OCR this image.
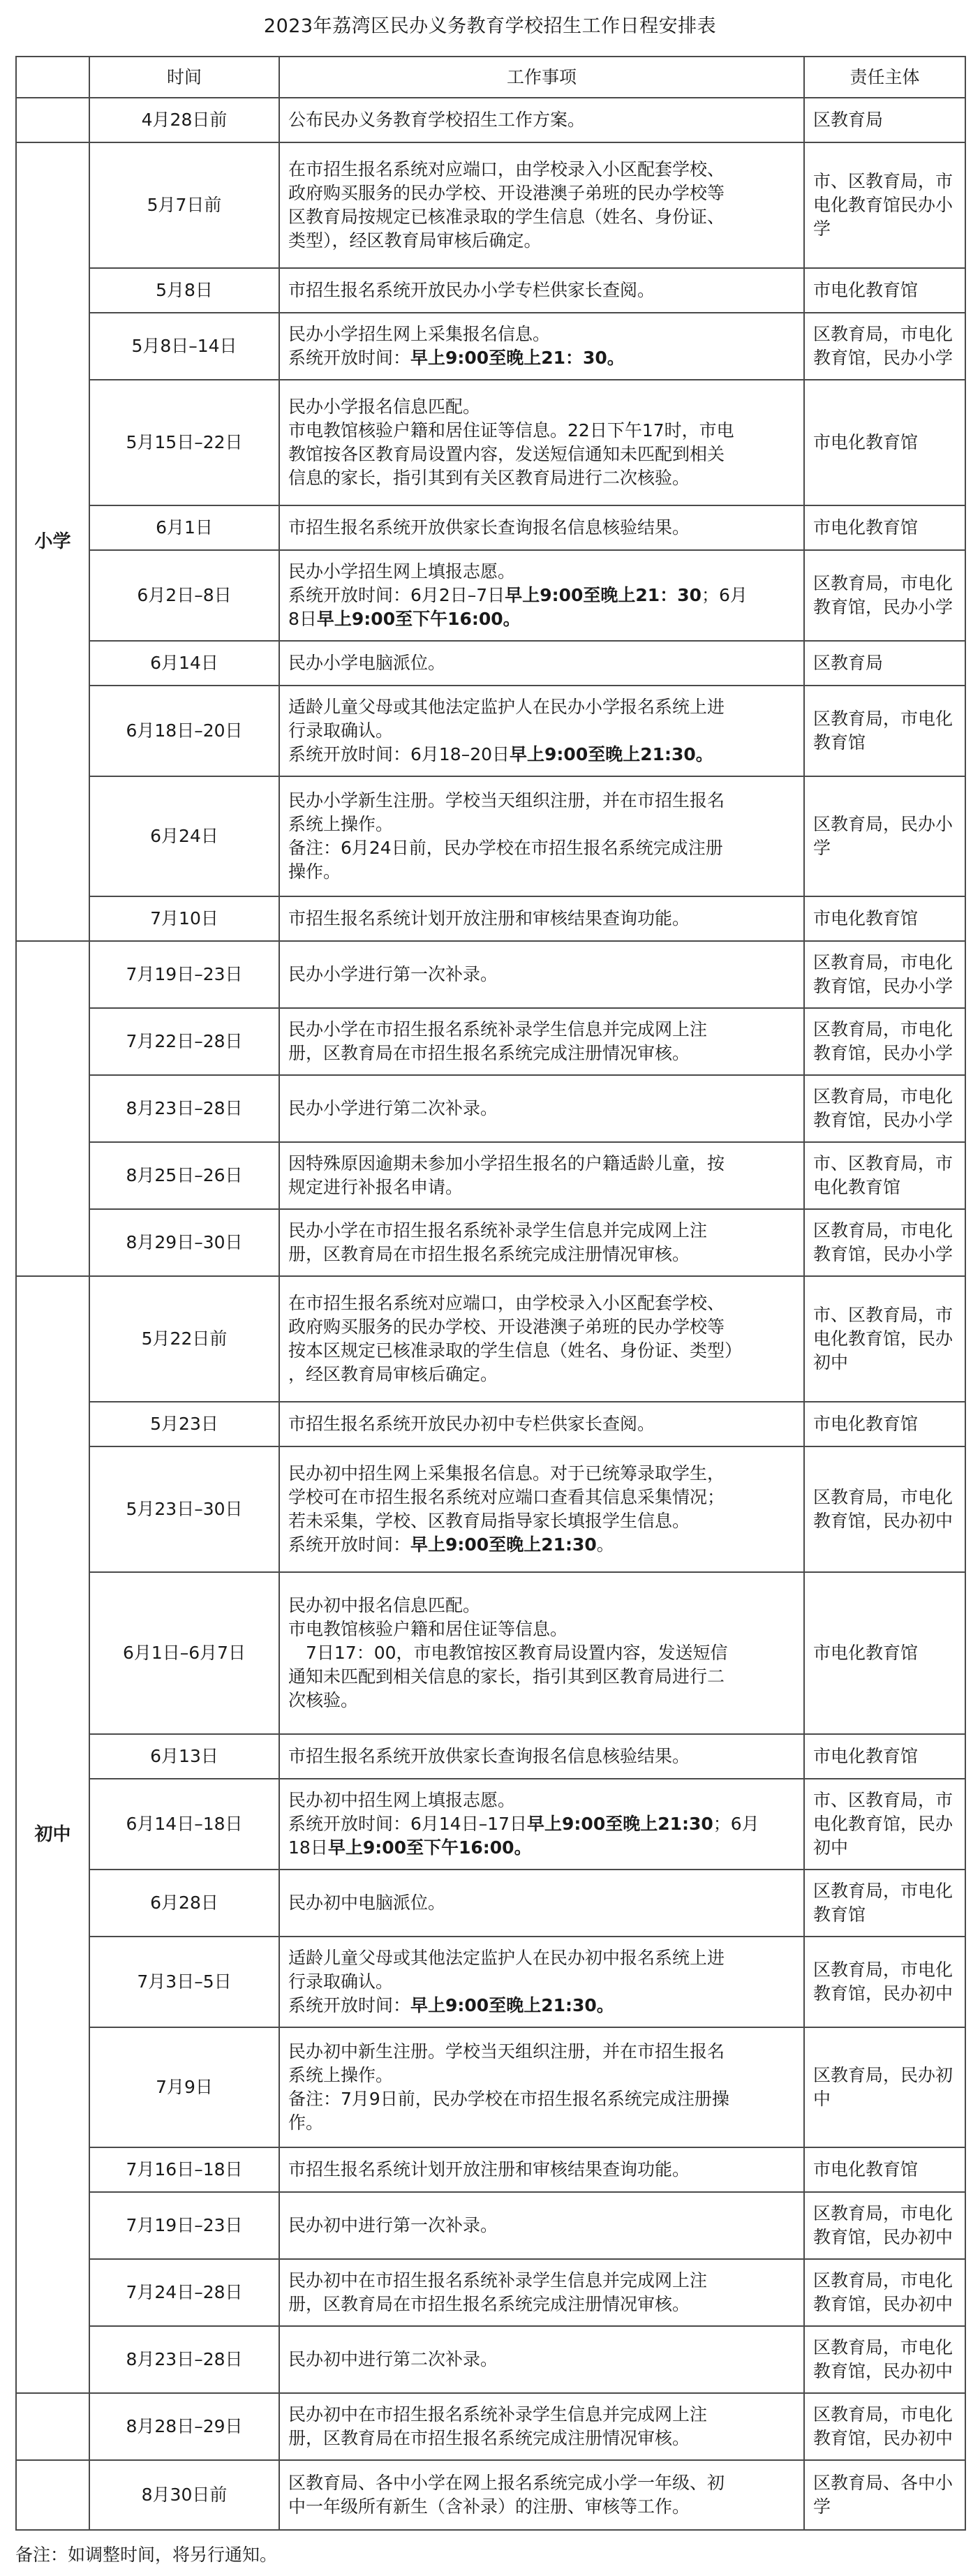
2023年荔湾区民办义务教育学校招生工作日程安排表
	时间	工作事项	责任主体
	4月28日前	公布民办义务教育学校招生工作方案。	区教育局

小学	5月7日前	在市招生报名系统对应端口，由学校录入小区配套学校、
政府购买服务的民办学校、开设港澳子弟班的民办学校等
区教育局按规定已核准录取的学生信息（姓名、身份证、
类型），经区教育局审核后确定。	市、区教育局，市
电化教育馆民办小
学

	5月8日	市招生报名系统开放民办小学专栏供家长查阅。	市电化教育馆

	5月8日–14日	民办小学招生网上采集报名信息。
系统开放时间：早上9:00至晚上21：30。	区教育局，市电化
教育馆，民办小学

	5月15日–22日	民办小学报名信息匹配。
市电教馆核验户籍和居住证等信息。22日下午17时，市电
教馆按各区教育局设置内容，发送短信通知未匹配到相关
信息的家长，指引其到有关区教育局进行二次核验。	市电化教育馆

	6月1日	市招生报名系统开放供家长查询报名信息核验结果。	市电化教育馆

	6月2日–8日	民办小学招生网上填报志愿。
系统开放时间：6月2日–7日早上9:00至晚上21：30；6月
8日早上9:00至下午16:00。	区教育局，市电化
教育馆，民办小学

	6月14日	民办小学电脑派位。	区教育局

	6月18日–20日	适龄儿童父母或其他法定监护人在民办小学报名系统上进
行录取确认。
系统开放时间：6月18–20日早上9:00至晚上21:30。	区教育局，市电化
教育馆

	6月24日	民办小学新生注册。学校当天组织注册，并在市招生报名
系统上操作。
备注：6月24日前，民办学校在市招生报名系统完成注册
操作。	区教育局，民办小
学

	7月10日	市招生报名系统计划开放注册和审核结果查询功能。	市电化教育馆

	7月19日–23日	民办小学进行第一次补录。	区教育局，市电化
教育馆，民办小学

	7月22日–28日	民办小学在市招生报名系统补录学生信息并完成网上注
册，区教育局在市招生报名系统完成注册情况审核。	区教育局，市电化
教育馆，民办小学

	8月23日–28日	民办小学进行第二次补录。	区教育局，市电化
教育馆，民办小学

	8月25日–26日	因特殊原因逾期未参加小学招生报名的户籍适龄儿童，按
规定进行补报名申请。	市、区教育局，市
电化教育馆

	8月29日–30日	民办小学在市招生报名系统补录学生信息并完成网上注
册，区教育局在市招生报名系统完成注册情况审核。	区教育局，市电化
教育馆，民办小学

初中	5月22日前	在市招生报名系统对应端口，由学校录入小区配套学校、
政府购买服务的民办学校、开设港澳子弟班的民办学校等
按本区规定已核准录取的学生信息（姓名、身份证、类型）
，经区教育局审核后确定。	市、区教育局，市
电化教育馆，民办
初中

	5月23日	市招生报名系统开放民办初中专栏供家长查阅。	市电化教育馆

	5月23日–30日	民办初中招生网上采集报名信息。对于已统筹录取学生，
学校可在市招生报名系统对应端口查看其信息采集情况；
若未采集，学校、区教育局指导家长填报学生信息。
系统开放时间：早上9:00至晚上21:30。	区教育局，市电化
教育馆，民办初中

	6月1日–6月7日	民办初中报名信息匹配。
市电教馆核验户籍和居住证等信息。
　7日17：00，市电教馆按区教育局设置内容，发送短信
通知未匹配到相关信息的家长，指引其到区教育局进行二
次核验。	市电化教育馆

	6月13日	市招生报名系统开放供家长查询报名信息核验结果。	市电化教育馆

	6月14日–18日	民办初中招生网上填报志愿。
系统开放时间：6月14日–17日早上9:00至晚上21:30；6月
18日早上9:00至下午16:00。	市、区教育局，市
电化教育馆，民办
初中

	6月28日	民办初中电脑派位。	区教育局，市电化
教育馆

	7月3日–5日	适龄儿童父母或其他法定监护人在民办初中报名系统上进
行录取确认。
系统开放时间：早上9:00至晚上21:30。	区教育局，市电化
教育馆，民办初中

	7月9日	民办初中新生注册。学校当天组织注册，并在市招生报名
系统上操作。
备注：7月9日前，民办学校在市招生报名系统完成注册操
作。	区教育局，民办初
中

	7月16日–18日	市招生报名系统计划开放注册和审核结果查询功能。	市电化教育馆

	7月19日–23日	民办初中进行第一次补录。	区教育局，市电化
教育馆，民办初中

	7月24日–28日	民办初中在市招生报名系统补录学生信息并完成网上注
册，区教育局在市招生报名系统完成注册情况审核。	区教育局，市电化
教育馆，民办初中

	8月23日–28日	民办初中进行第二次补录。	区教育局，市电化
教育馆，民办初中

	8月28日–29日	民办初中在市招生报名系统补录学生信息并完成网上注
册，区教育局在市招生报名系统完成注册情况审核。	区教育局，市电化
教育馆，民办初中

	8月30日前	区教育局、各中小学在网上报名系统完成小学一年级、初
中一年级所有新生（含补录）的注册、审核等工作。	区教育局、各中小
学
备注：如调整时间，将另行通知。
